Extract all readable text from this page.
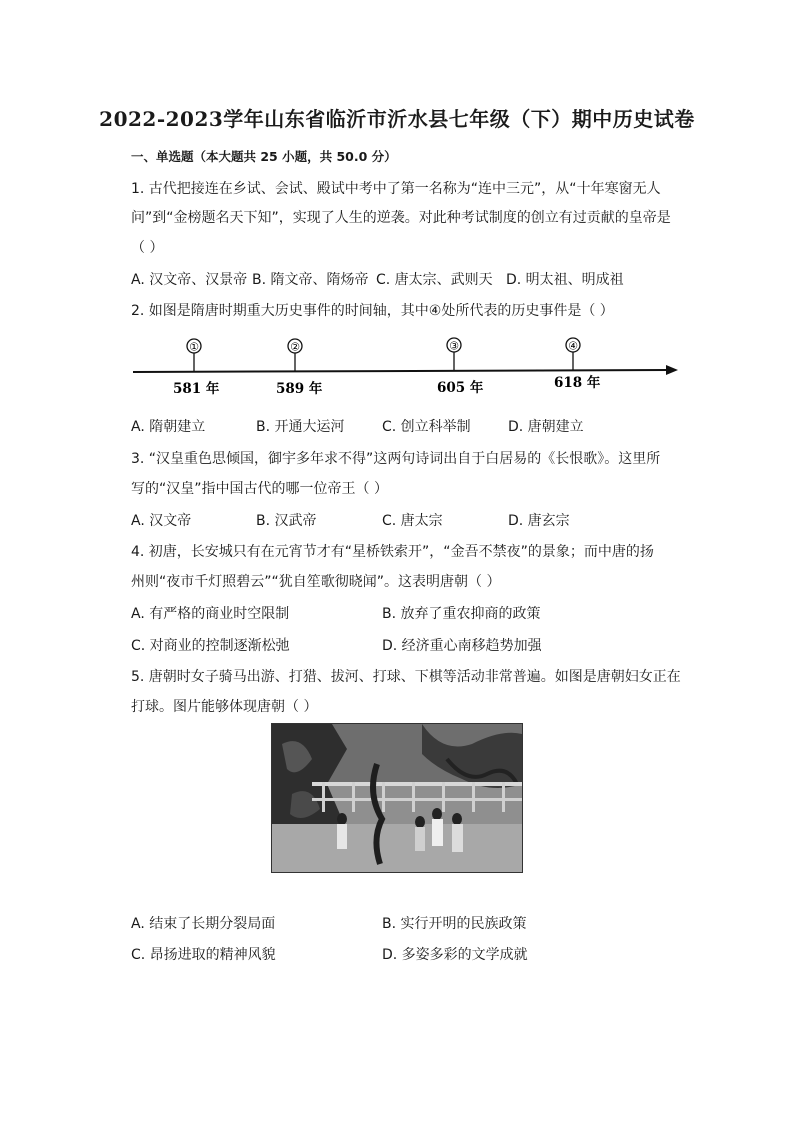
2022-2023学年山东省临沂市沂水县七年级（下）期中历史试卷
一、单选题（本大题共 25 小题，共 50.0 分）
1. 古代把接连在乡试、会试、殿试中考中了第一名称为“连中三元”，从“十年寒窗无人
问”到“金榜题名天下知”，实现了人生的逆袭。对此种考试制度的创立有过贡献的皇帝是
（ ）
A. 汉文帝、汉景帝 B. 隋文帝、隋炀帝 C. 唐太宗、武则天 D. 明太祖、明成祖
2. 如图是隋唐时期重大历史事件的时间轴，其中④处所代表的历史事件是（ ）
①
581 年
②
589 年
③
605 年
④
618 年
A. 隋朝建立	B. 开通大运河	C. 创立科举制	D. 唐朝建立
3. “汉皇重色思倾国，御宇多年求不得”这两句诗词出自于白居易的《长恨歌》。这里所
写的“汉皇”指中国古代的哪一位帝王（ ）
A. 汉文帝	B. 汉武帝	C. 唐太宗	D. 唐玄宗
4. 初唐，长安城只有在元宵节才有“星桥铁索开”，“金吾不禁夜”的景象；而中唐的扬
州则“夜市千灯照碧云”“犹自笙歌彻晓闻”。这表明唐朝（ ）
A. 有严格的商业时空限制	B. 放弃了重农抑商的政策
C. 对商业的控制逐渐松弛	D. 经济重心南移趋势加强
5. 唐朝时女子骑马出游、打猎、拔河、打球、下棋等活动非常普遍。如图是唐朝妇女正在
打球。图片能够体现唐朝（ ）
A. 结束了长期分裂局面	B. 实行开明的民族政策
C. 昂扬进取的精神风貌	D. 多姿多彩的文学成就
